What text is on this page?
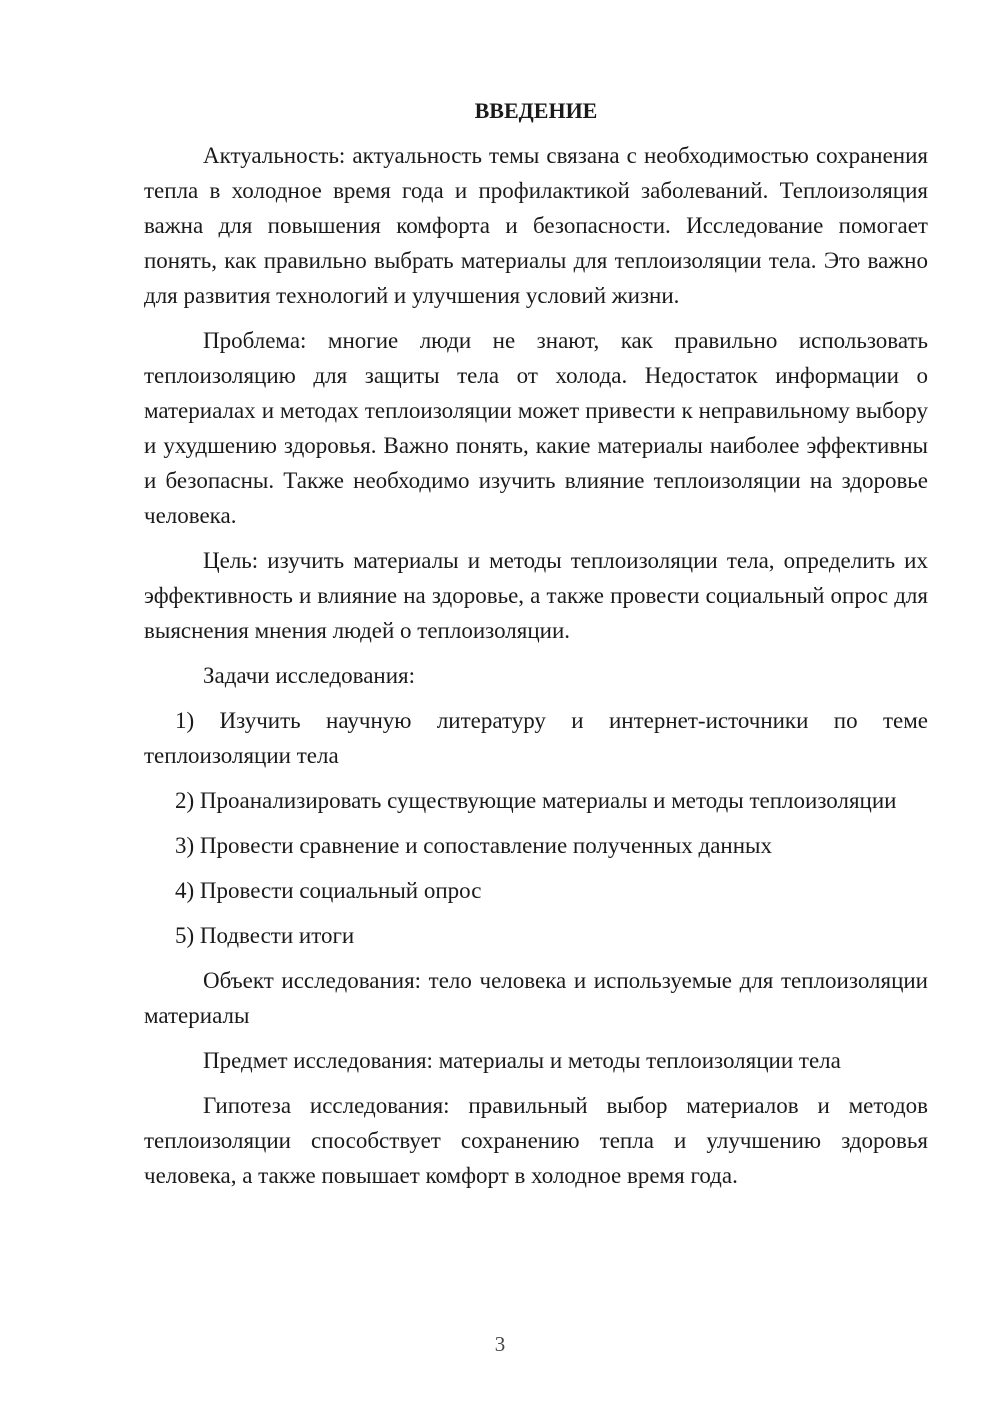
ВВЕДЕНИЕ

Актуальность: актуальность темы связана с необходимостью сохранения тепла в холодное время года и профилактикой заболеваний. Теплоизоляция важна для повышения комфорта и безопасности. Исследование помогает понять, как правильно выбрать материалы для теплоизоляции тела. Это важно для развития технологий и улучшения условий жизни.

Проблема: многие люди не знают, как правильно использовать теплоизоляцию для защиты тела от холода. Недостаток информации о материалах и методах теплоизоляции может привести к неправильному выбору и ухудшению здоровья. Важно понять, какие материалы наиболее эффективны и безопасны. Также необходимо изучить влияние теплоизоляции на здоровье человека.

Цель: изучить материалы и методы теплоизоляции тела, определить их эффективность и влияние на здоровье, а также провести социальный опрос для выяснения мнения людей о теплоизоляции.

Задачи исследования:

1) Изучить научную литературу и интернет-источники по теме теплоизоляции тела

2) Проанализировать существующие материалы и методы теплоизоляции

3) Провести сравнение и сопоставление полученных данных

4) Провести социальный опрос

5) Подвести итоги

Объект исследования: тело человека и используемые для теплоизоляции материалы

Предмет исследования: материалы и методы теплоизоляции тела

Гипотеза исследования: правильный выбор материалов и методов теплоизоляции способствует сохранению тепла и улучшению здоровья человека, а также повышает комфорт в холодное время года.

3
